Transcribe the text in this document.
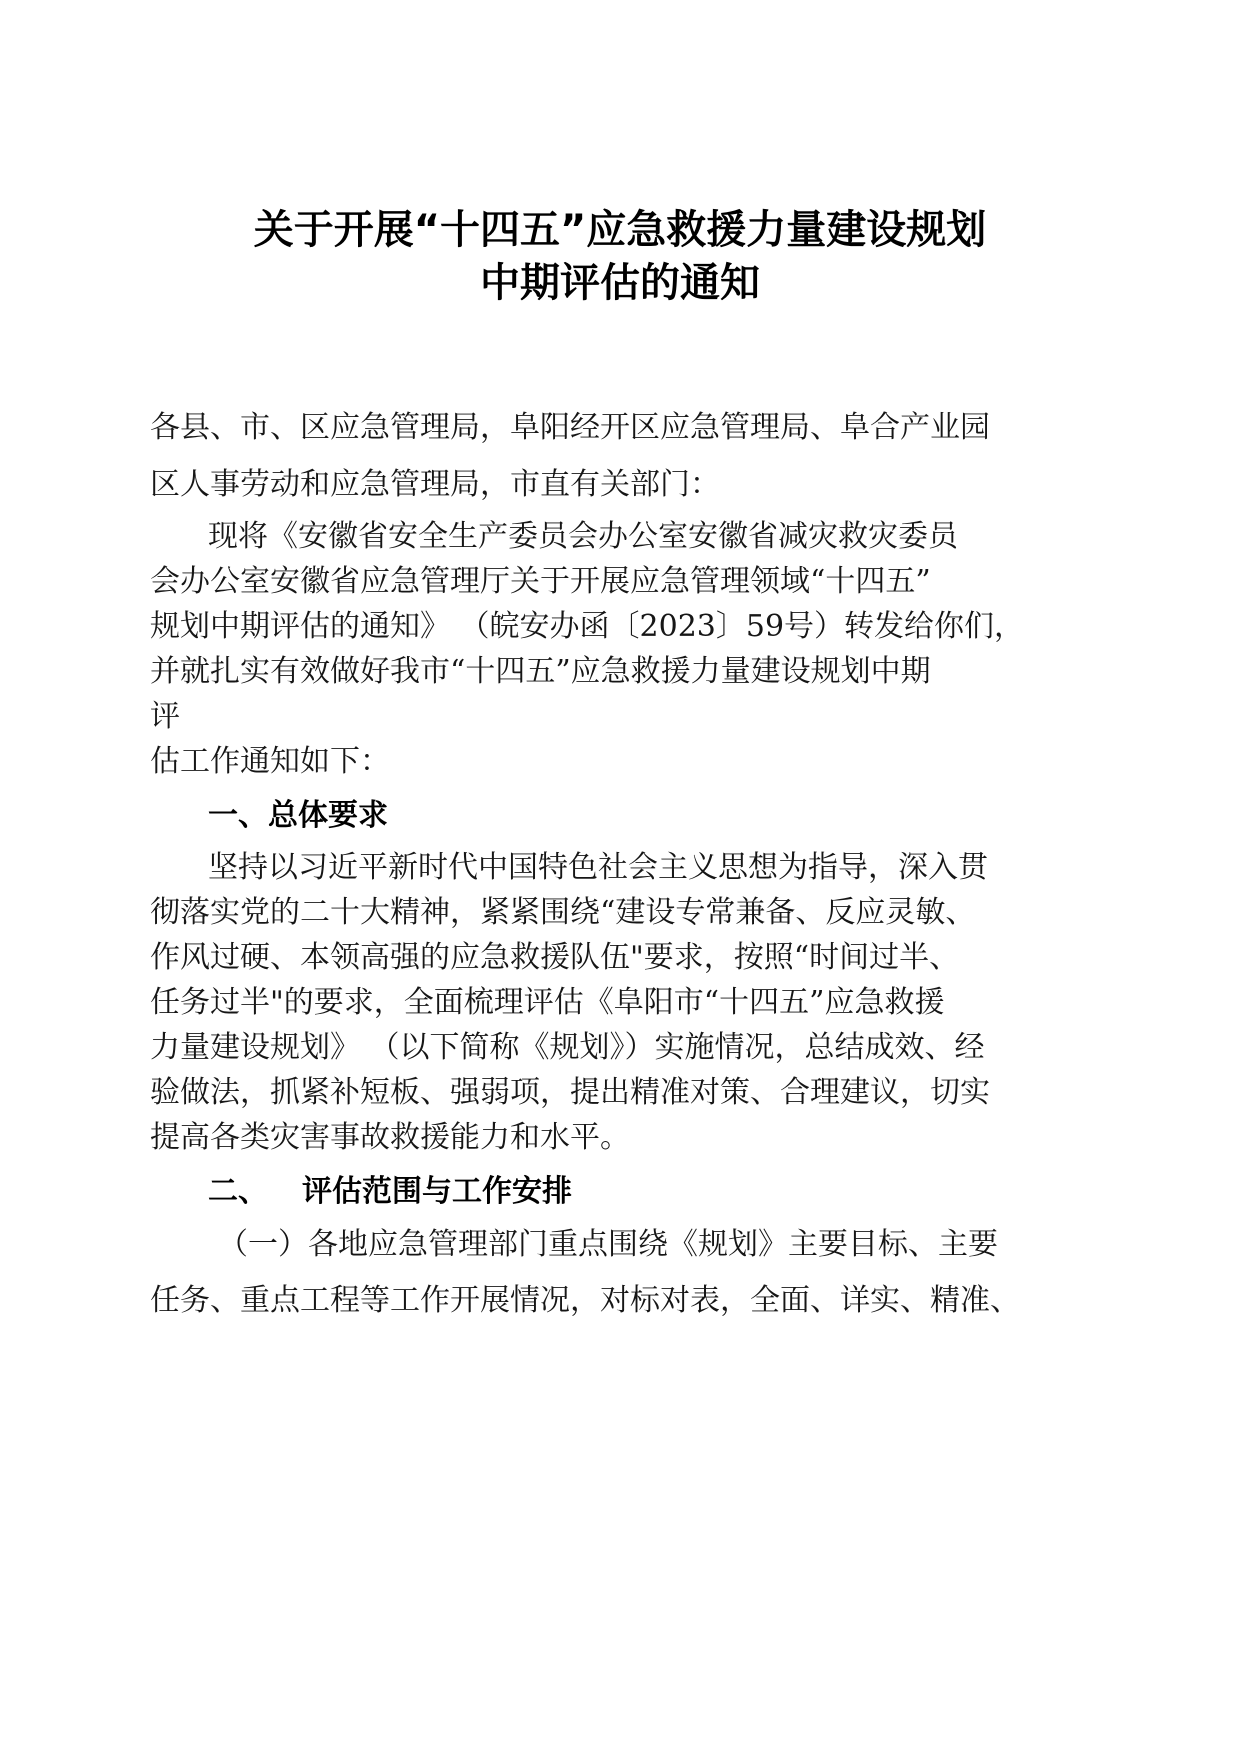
关于开展“十四五”应急救援力量建设规划
中期评估的通知
各县、市、区应急管理局，阜阳经开区应急管理局、阜合产业园
区人事劳动和应急管理局，市直有关部门：
现将《安徽省安全生产委员会办公室安徽省减灾救灾委员
会办公室安徽省应急管理厅关于开展应急管理领域“十四五”
规划中期评估的通知》 （皖安办函〔2023〕59号）转发给你们，
并就扎实有效做好我市“十四五”应急救援力量建设规划中期
评
估工作通知如下：
一、总体要求
坚持以习近平新时代中国特色社会主义思想为指导，深入贯
彻落实党的二十大精神，紧紧围绕“建设专常兼备、反应灵敏、
作风过硬、本领高强的应急救援队伍"要求，按照“时间过半、
任务过半"的要求，全面梳理评估《阜阳市“十四五”应急救援
力量建设规划》 （以下简称《规划》）实施情况，总结成效、经
验做法，抓紧补短板、强弱项，提出精准对策、合理建议，切实
提高各类灾害事故救援能力和水平。
二、 评估范围与工作安排
（一）各地应急管理部门重点围绕《规划》主要目标、主要
任务、重点工程等工作开展情况，对标对表，全面、详实、精准、
